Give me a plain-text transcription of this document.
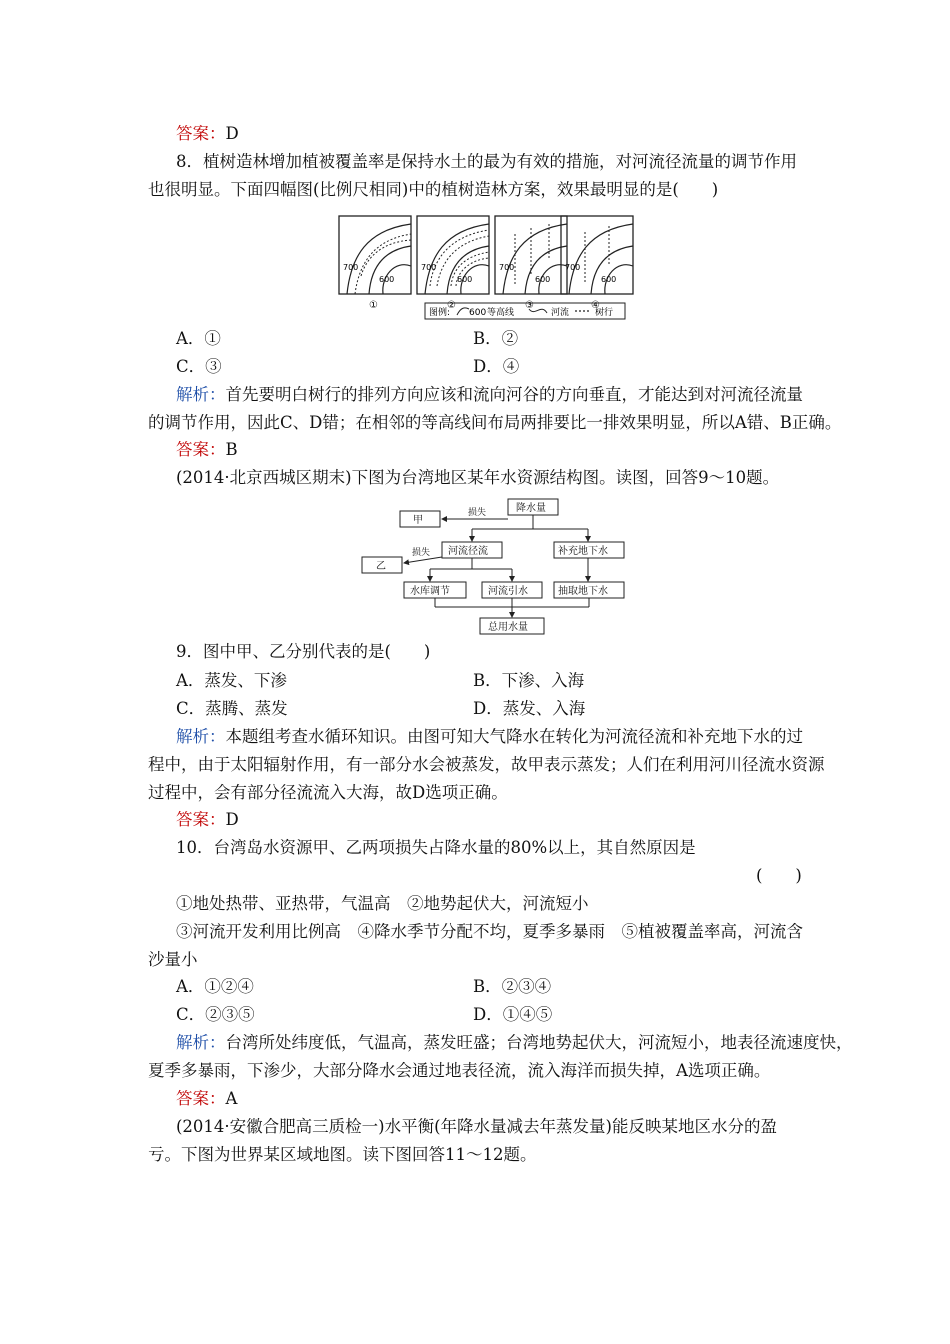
答案：D
8．植树造林增加植被覆盖率是保持水土的最为有效的措施，对河流径流量的调节作用
也很明显。下面四幅图(比例尺相同)中的植树造林方案，效果最明显的是(　　)
700
600
①
700
600
②
700
600
③
700
600
④
图例: 600 等高线	河流	树行
A．①	B．②
C．③	D．④
解析：首先要明白树行的排列方向应该和流向河谷的方向垂直，才能达到对河流径流量
的调节作用，因此C、D错；在相邻的等高线间布局两排要比一排效果明显，所以A错、B正确。
答案：B
(2014·北京西城区期末)下图为台湾地区某年水资源结构图。读图，回答9～10题。
降水量
甲
损失
河流径流	补充地下水
乙
损失
水库调节	河流引水	抽取地下水
总用水量
9．图中甲、乙分别代表的是(　　)
A．蒸发、下渗	B．下渗、入海
C．蒸腾、蒸发	D．蒸发、入海
解析：本题组考查水循环知识。由图可知大气降水在转化为河流径流和补充地下水的过
程中，由于太阳辐射作用，有一部分水会被蒸发，故甲表示蒸发；人们在利用河川径流水资源
过程中，会有部分径流流入大海，故D选项正确。
答案：D
10．台湾岛水资源甲、乙两项损失占降水量的80%以上，其自然原因是
(　　)
①地处热带、亚热带，气温高　②地势起伏大，河流短小
③河流开发利用比例高　④降水季节分配不均，夏季多暴雨　⑤植被覆盖率高，河流含
沙量小
A．①②④	B．②③④
C．②③⑤	D．①④⑤
解析：台湾所处纬度低，气温高，蒸发旺盛；台湾地势起伏大，河流短小，地表径流速度快，
夏季多暴雨，下渗少，大部分降水会通过地表径流，流入海洋而损失掉，A选项正确。
答案：A
(2014·安徽合肥高三质检一)水平衡(年降水量减去年蒸发量)能反映某地区水分的盈
亏。下图为世界某区域地图。读下图回答11～12题。
